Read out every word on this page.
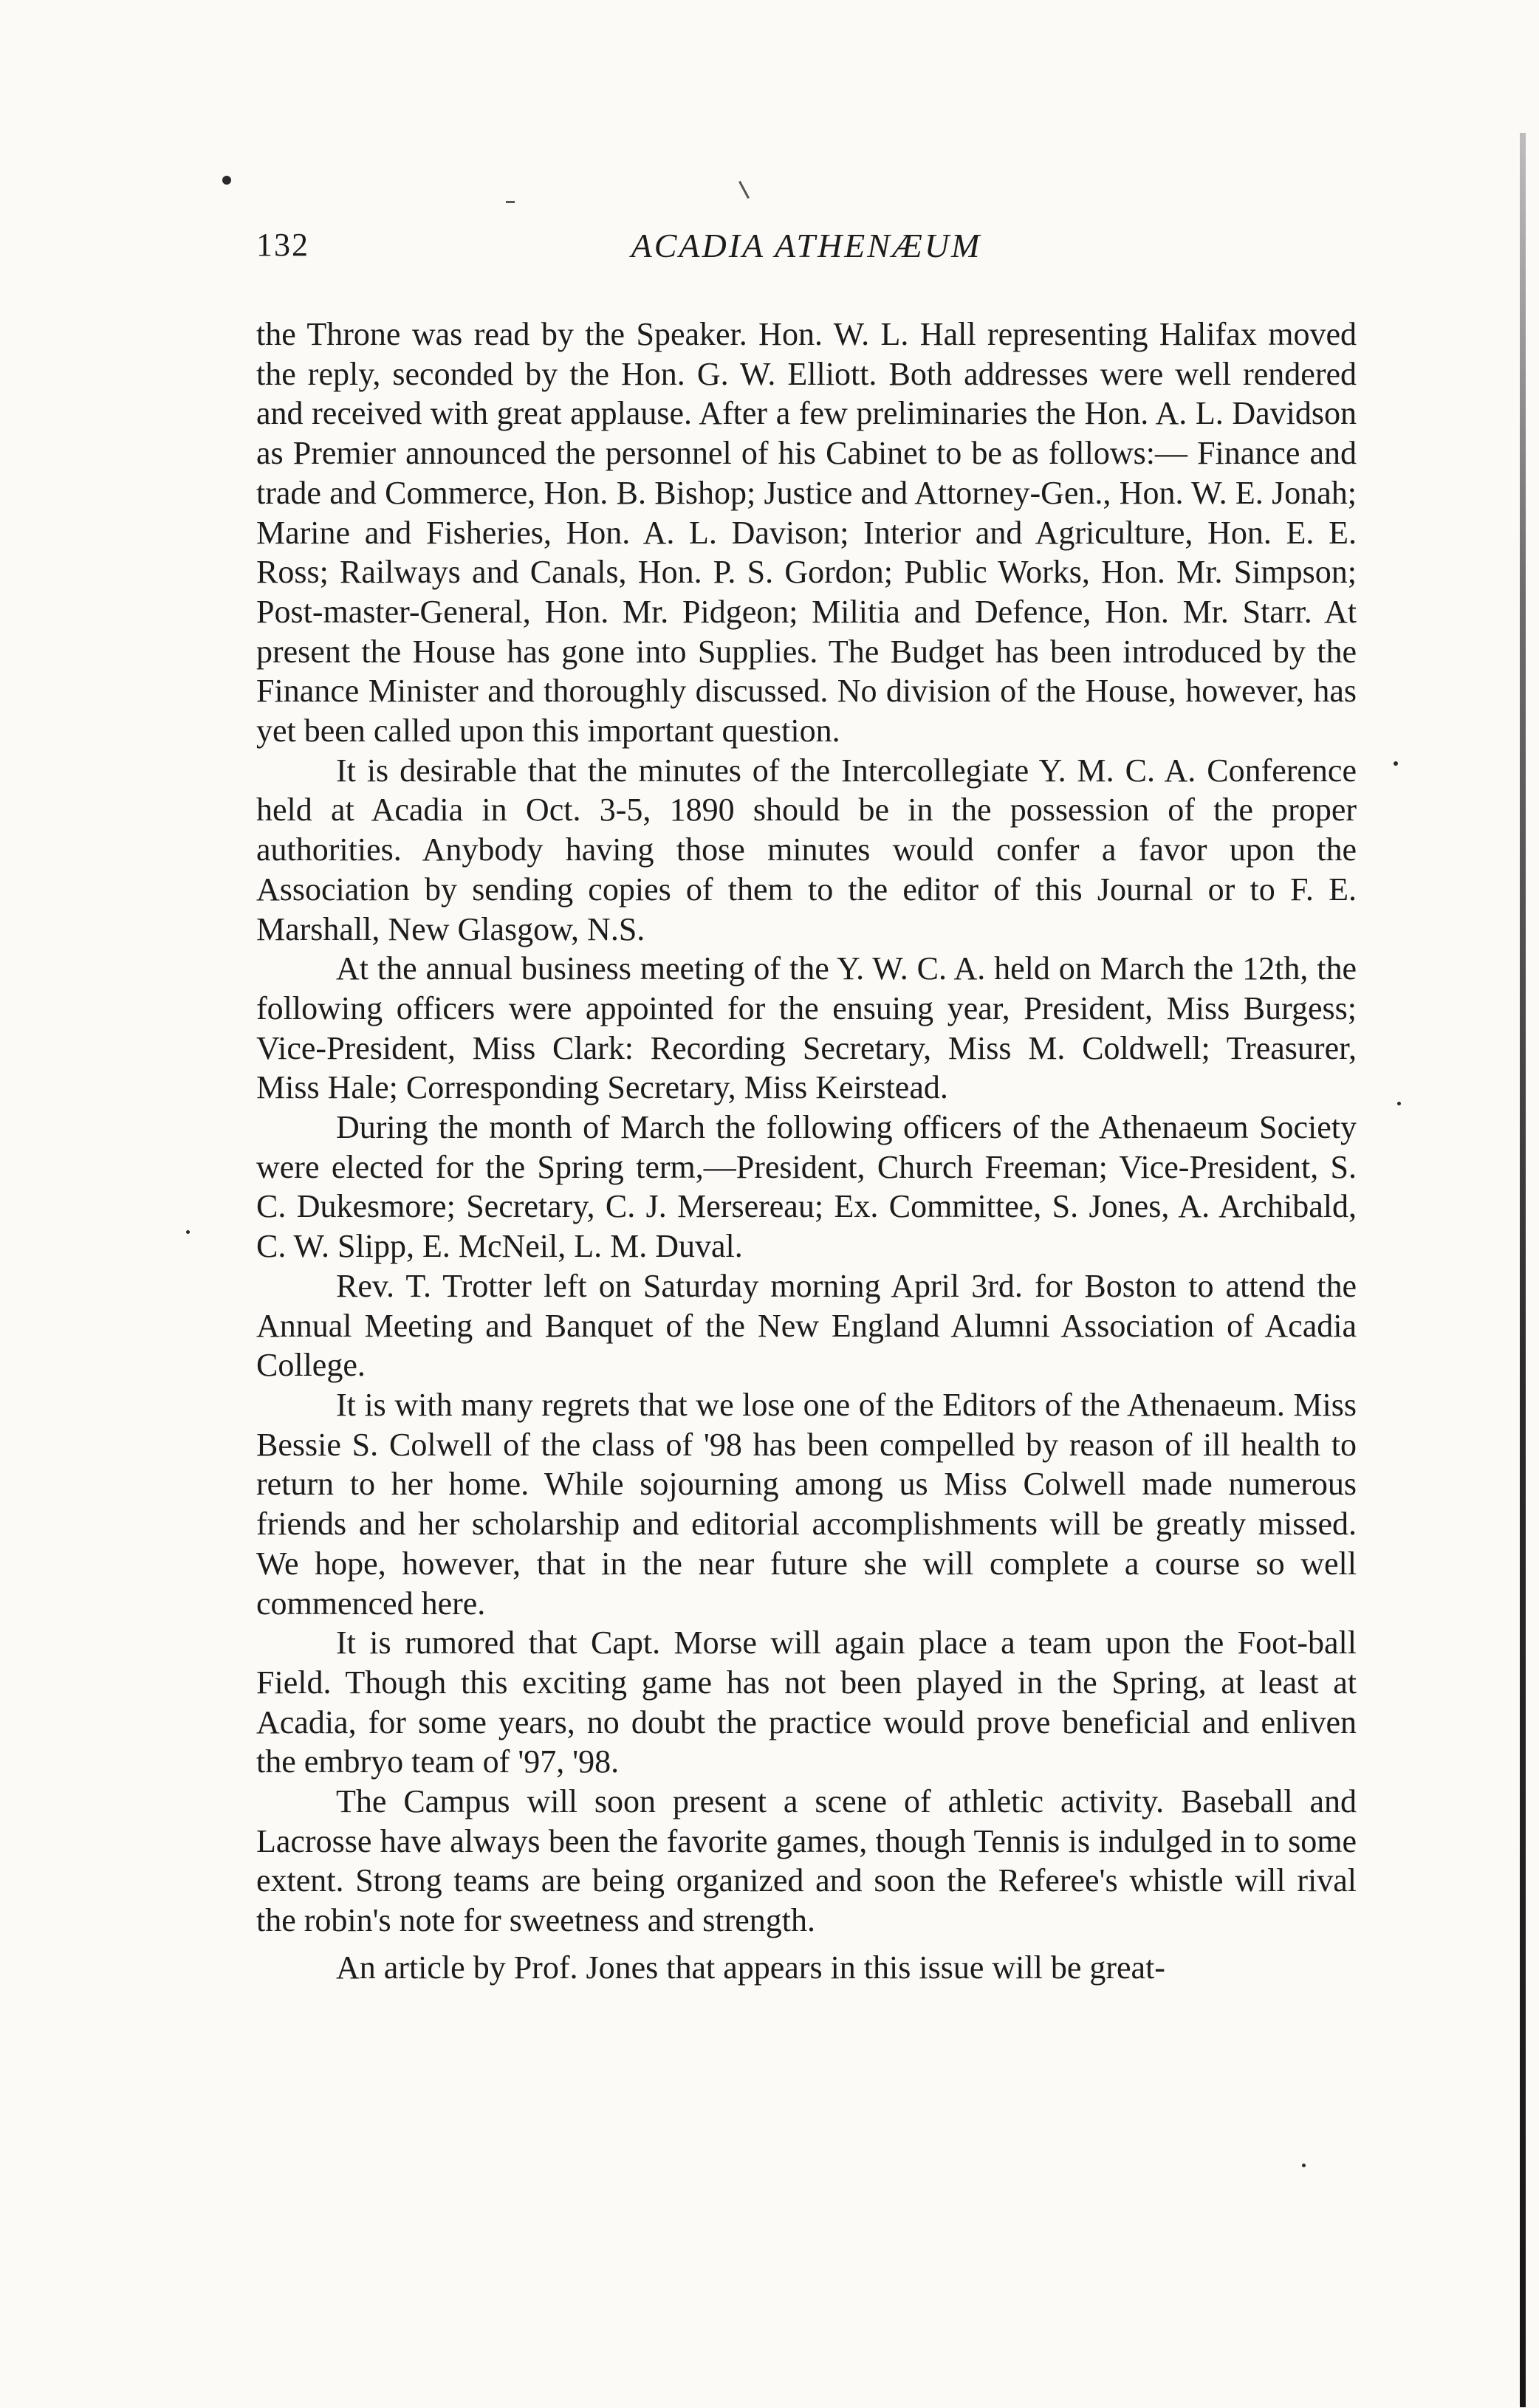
132	ACADIA ATHENÆUM

the Throne was read by the Speaker. Hon. W. L. Hall representing Halifax moved the reply, seconded by the Hon. G. W. Elliott. Both addresses were well rendered and received with great applause. After a few preliminaries the Hon. A. L. Davidson as Premier announced the personnel of his Cabinet to be as follows:— Finance and trade and Commerce, Hon. B. Bishop; Justice and Attorney-Gen., Hon. W. E. Jonah; Marine and Fisheries, Hon. A. L. Davison; Interior and Agriculture, Hon. E. E. Ross; Railways and Canals, Hon. P. S. Gordon; Public Works, Hon. Mr. Simpson; Post-master-General, Hon. Mr. Pidgeon; Militia and Defence, Hon. Mr. Starr. At present the House has gone into Supplies. The Budget has been introduced by the Finance Minister and thoroughly discussed. No division of the House, however, has yet been called upon this important question.

It is desirable that the minutes of the Intercollegiate Y. M. C. A. Conference held at Acadia in Oct. 3-5, 1890 should be in the possession of the proper authorities. Anybody having those minutes would confer a favor upon the Association by sending copies of them to the editor of this Journal or to F. E. Marshall, New Glasgow, N.S.

At the annual business meeting of the Y. W. C. A. held on March the 12th, the following officers were appointed for the ensuing year, President, Miss Burgess; Vice-President, Miss Clark: Recording Secretary, Miss M. Coldwell; Treasurer, Miss Hale; Corresponding Secretary, Miss Keirstead.

During the month of March the following officers of the Athenaeum Society were elected for the Spring term,—President, Church Freeman; Vice-President, S. C. Dukesmore; Secretary, C. J. Mersereau; Ex. Committee, S. Jones, A. Archibald, C. W. Slipp, E. McNeil, L. M. Duval.

Rev. T. Trotter left on Saturday morning April 3rd. for Boston to attend the Annual Meeting and Banquet of the New England Alumni Association of Acadia College.

It is with many regrets that we lose one of the Editors of the Athenaeum. Miss Bessie S. Colwell of the class of '98 has been compelled by reason of ill health to return to her home. While sojourning among us Miss Colwell made numerous friends and her scholarship and editorial accomplishments will be greatly missed. We hope, however, that in the near future she will complete a course so well commenced here.

It is rumored that Capt. Morse will again place a team upon the Foot-ball Field. Though this exciting game has not been played in the Spring, at least at Acadia, for some years, no doubt the practice would prove beneficial and enliven the embryo team of '97, '98.

The Campus will soon present a scene of athletic activity. Baseball and Lacrosse have always been the favorite games, though Tennis is indulged in to some extent. Strong teams are being organized and soon the Referee's whistle will rival the robin's note for sweetness and strength.

An article by Prof. Jones that appears in this issue will be great-
